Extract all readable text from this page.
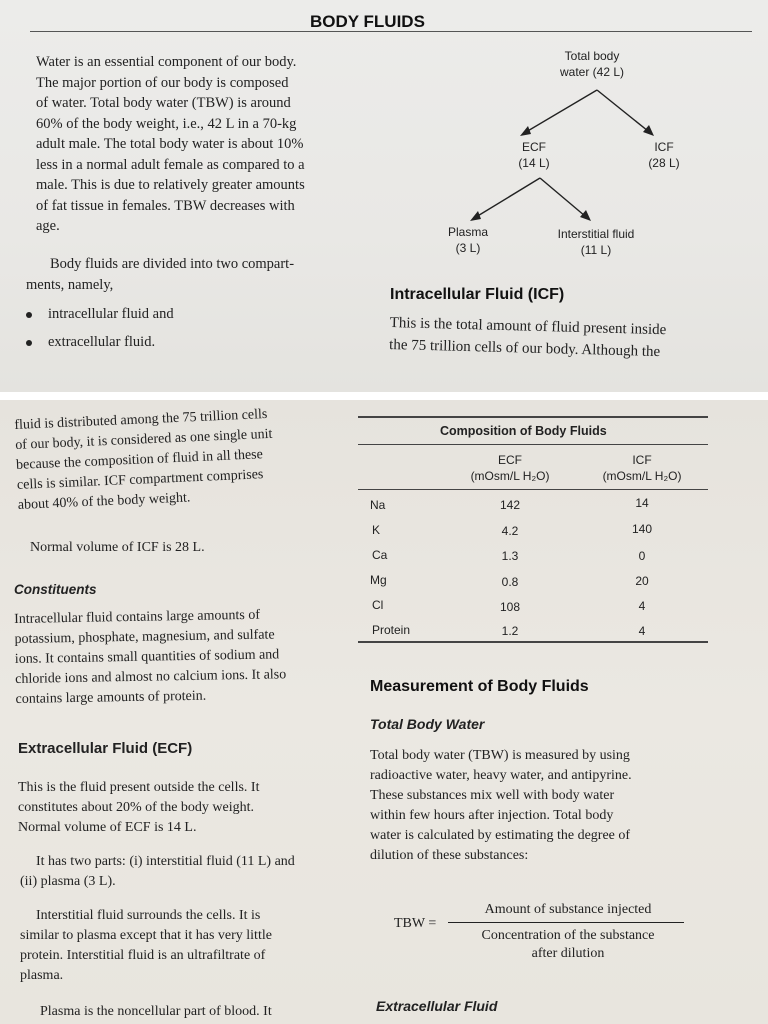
BODY FLUIDS
Water is an essential component of our body.
The major portion of our body is composed
of water. Total body water (TBW) is around
60% of the body weight, i.e., 42 L in a 70-kg
adult male. The total body water is about 10%
less in a normal adult female as compared to a
male. This is due to relatively greater amounts
of fat tissue in females. TBW decreases with
age.
Body fluids are divided into two compart-
ments, namely,
intracellular fluid and
extracellular fluid.
Total body
water (42 L)
ECF
(14 L)
ICF
(28 L)
Plasma
(3 L)
Interstitial fluid
(11 L)
Intracellular Fluid (ICF)
This is the total amount of fluid present inside
the 75 trillion cells of our body. Although the
fluid is distributed among the 75 trillion cells
of our body, it is considered as one single unit
because the composition of fluid in all these
cells is similar. ICF compartment comprises
about 40% of the body weight.
Normal volume of ICF is 28 L.
Constituents
Intracellular fluid contains large amounts of
potassium, phosphate, magnesium, and sulfate
ions. It contains small quantities of sodium and
chloride ions and almost no calcium ions. It also
contains large amounts of protein.
Extracellular Fluid (ECF)
This is the fluid present outside the cells. It
constitutes about 20% of the body weight.
Normal volume of ECF is 14 L.
It has two parts: (i) interstitial fluid (11 L) and
(ii) plasma (3 L).
Interstitial fluid surrounds the cells. It is
similar to plasma except that it has very little
protein. Interstitial fluid is an ultrafiltrate of
plasma.
Plasma is the noncellular part of blood. It
Composition of Body Fluids
ECF
(mOsm/L H₂O)
ICF
(mOsm/L H₂O)
Na	142	14
K	4.2	140
Ca	1.3	0
Mg	0.8	20
Cl	108	4
Protein	1.2	4
Measurement of Body Fluids
Total Body Water
Total body water (TBW) is measured by using
radioactive water, heavy water, and antipyrine.
These substances mix well with body water
within few hours after injection. Total body
water is calculated by estimating the degree of
dilution of these substances:
TBW =
Amount of substance injected
Concentration of the substance
after dilution
Extracellular Fluid
